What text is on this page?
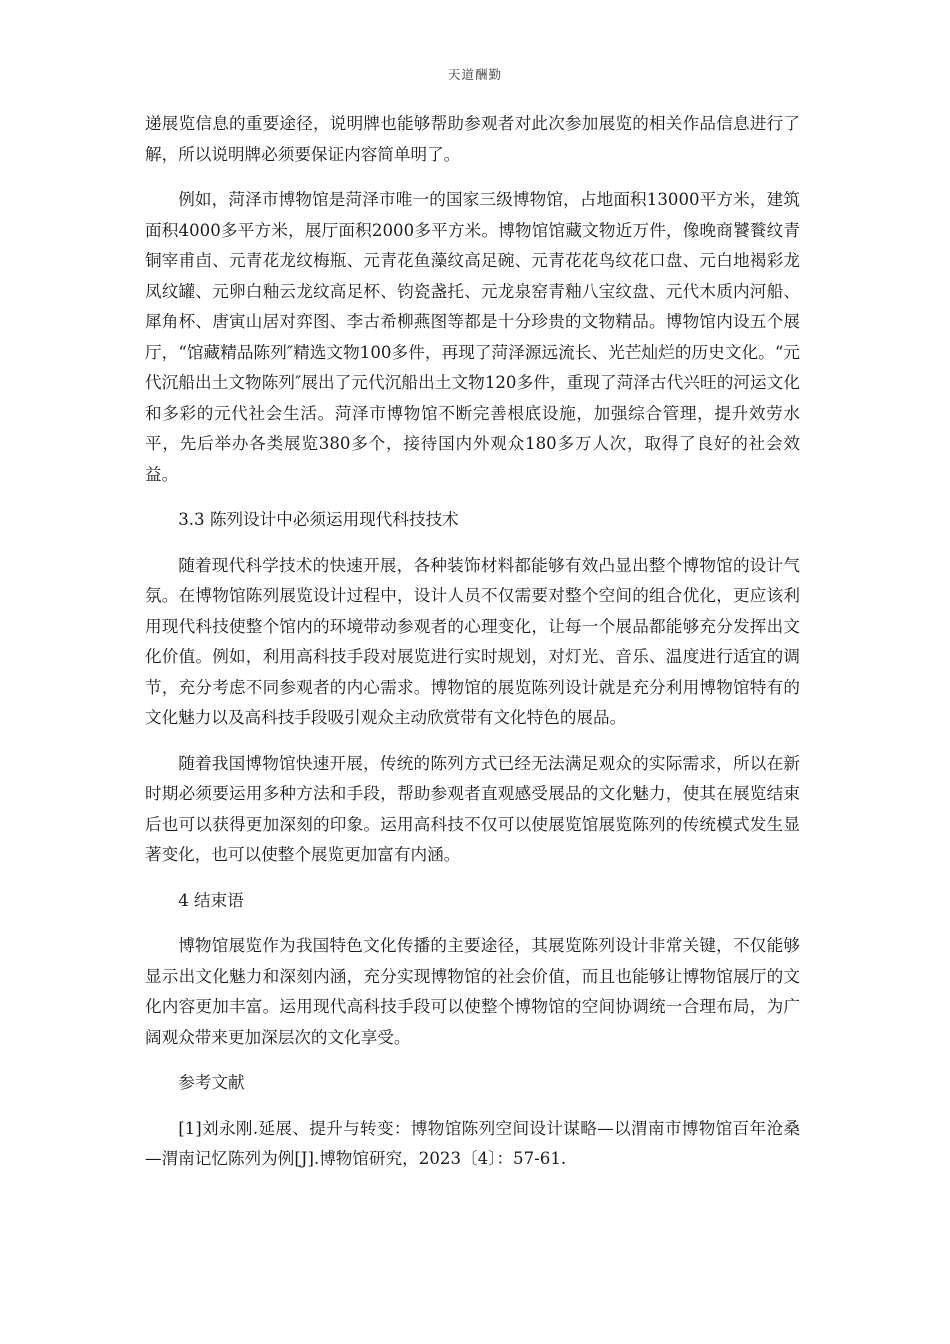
天道酬勤

递展览信息的重要途径，说明牌也能够帮助参观者对此次参加展览的相关作品信息进行了解，所以说明牌必须要保证内容简单明了。

例如，菏泽市博物馆是菏泽市唯一的国家三级博物馆，占地面积13000平方米，建筑面积4000多平方米，展厅面积2000多平方米。博物馆馆藏文物近万件，像晚商饕餮纹青铜宰甫卣、元青花龙纹梅瓶、元青花鱼藻纹高足碗、元青花花鸟纹花口盘、元白地褐彩龙凤纹罐、元卵白釉云龙纹高足杯、钧瓷盏托、元龙泉窑青釉八宝纹盘、元代木质内河船、犀角杯、唐寅山居对弈图、李古希柳燕图等都是十分珍贵的文物精品。博物馆内设五个展厅，“馆藏精品陈列″精选文物100多件，再现了菏泽源远流长、光芒灿烂的历史文化。“元代沉船出土文物陈列″展出了元代沉船出土文物120多件，重现了菏泽古代兴旺的河运文化和多彩的元代社会生活。菏泽市博物馆不断完善根底设施，加强综合管理，提升效劳水平，先后举办各类展览380多个，接待国内外观众180多万人次，取得了良好的社会效益。

3.3 陈列设计中必须运用现代科技技术

随着现代科学技术的快速开展，各种装饰材料都能够有效凸显出整个博物馆的设计气氛。在博物馆陈列展览设计过程中，设计人员不仅需要对整个空间的组合优化，更应该利用现代科技使整个馆内的环境带动参观者的心理变化，让每一个展品都能够充分发挥出文化价值。例如，利用高科技手段对展览进行实时规划，对灯光、音乐、温度进行适宜的调节，充分考虑不同参观者的内心需求。博物馆的展览陈列设计就是充分利用博物馆特有的文化魅力以及高科技手段吸引观众主动欣赏带有文化特色的展品。

随着我国博物馆快速开展，传统的陈列方式已经无法满足观众的实际需求，所以在新时期必须要运用多种方法和手段，帮助参观者直观感受展品的文化魅力，使其在展览结束后也可以获得更加深刻的印象。运用高科技不仅可以使展览馆展览陈列的传统模式发生显著变化，也可以使整个展览更加富有内涵。

4 结束语

博物馆展览作为我国特色文化传播的主要途径，其展览陈列设计非常关键，不仅能够显示出文化魅力和深刻内涵，充分实现博物馆的社会价值，而且也能够让博物馆展厅的文化内容更加丰富。运用现代高科技手段可以使整个博物馆的空间协调统一合理布局，为广阔观众带来更加深层次的文化享受。

参考文献

[1]刘永刚.延展、提升与转变：博物馆陈列空间设计谋略—以渭南市博物馆百年沧桑—渭南记忆陈列为例[J].博物馆研究，2023〔4〕：57-61.
